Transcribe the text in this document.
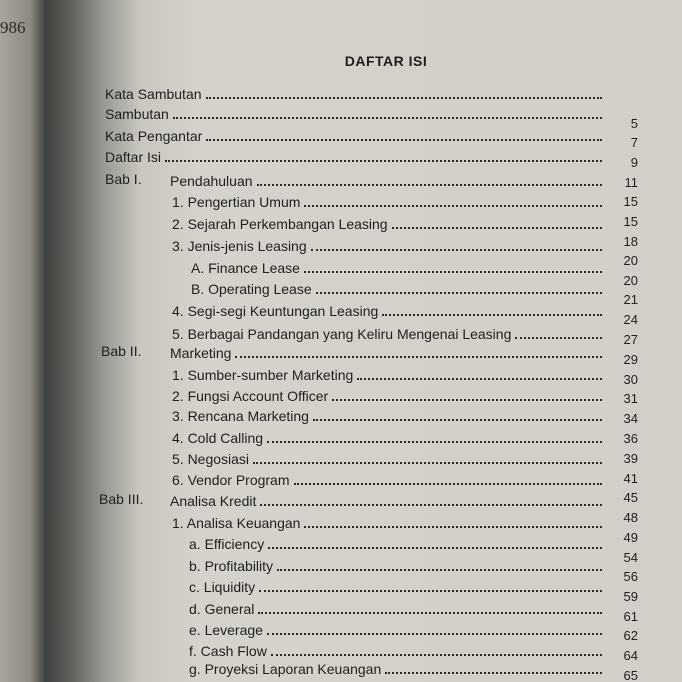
986
DAFTAR ISI
Kata Sambutan
Sambutan
Kata Pengantar
Daftar Isi
Bab I. Pendahuluan
1. Pengertian Umum
2. Sejarah Perkembangan Leasing
3. Jenis-jenis Leasing
A. Finance Lease
B. Operating Lease
4. Segi-segi Keuntungan Leasing
5. Berbagai Pandangan yang Keliru Mengenai Leasing
Bab II. Marketing
1. Sumber-sumber Marketing
2. Fungsi Account Officer
3. Rencana Marketing
4. Cold Calling
5. Negosiasi
6. Vendor Program
Bab III. Analisa Kredit
1. Analisa Keuangan
a. Efficiency
b. Profitability
c. Liquidity
d. General
e. Leverage
f. Cash Flow
g. Proyeksi Laporan Keuangan
5
7
9
11
15
15
18
20
20
21
24
27
29
30
31
34
36
39
41
45
48
49
54
56
59
61
62
64
65
